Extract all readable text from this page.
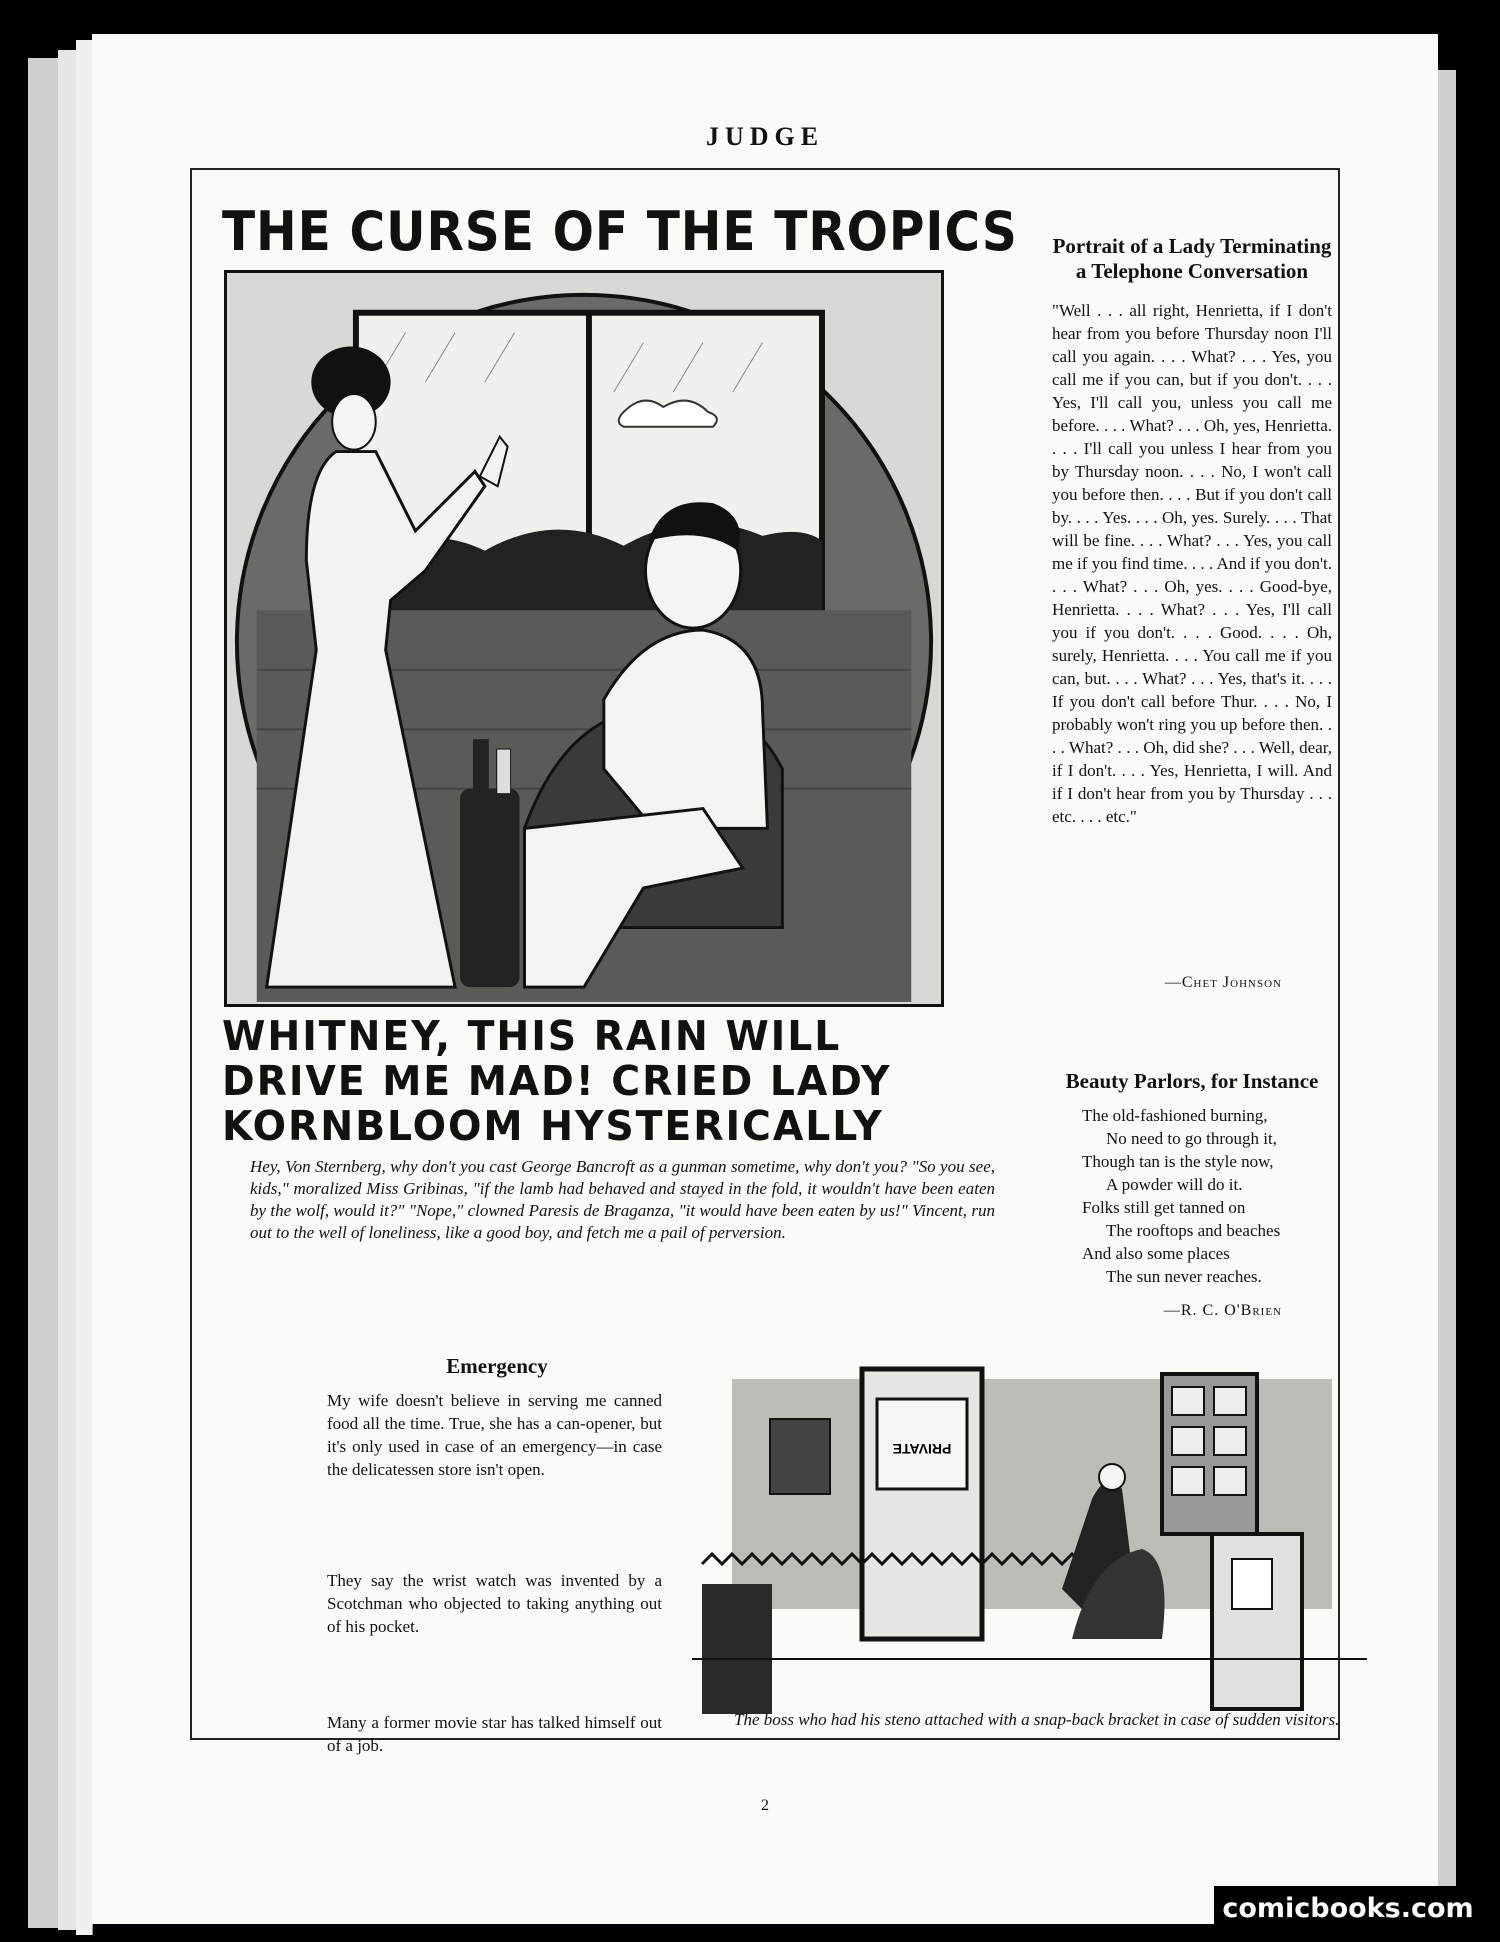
JUDGE
THE CURSE OF THE TROPICS
WHITNEY, THIS RAIN WILL
DRIVE ME MAD! CRIED LADY
KORNBLOOM HYSTERICALLY
Hey, Von Sternberg, why don't you cast George Bancroft as a gunman sometime, why don't you? "So you see, kids," moralized Miss Gribinas, "if the lamb had behaved and stayed in the fold, it wouldn't have been eaten by the wolf, would it?" "Nope," clowned Paresis de Braganza, "it would have been eaten by us!" Vincent, run out to the well of loneliness, like a good boy, and fetch me a pail of perversion.
Portrait of a Lady Terminating a Telephone Conversation
"Well . . . all right, Henrietta, if I don't hear from you before Thursday noon I'll call you again. . . . What? . . . Yes, you call me if you can, but if you don't. . . . Yes, I'll call you, unless you call me before. . . . What? . . . Oh, yes, Henrietta. . . . I'll call you unless I hear from you by Thursday noon. . . . No, I won't call you before then. . . . But if you don't call by. . . . Yes. . . . Oh, yes. Surely. . . . That will be fine. . . . What? . . . Yes, you call me if you find time. . . . And if you don't. . . . What? . . . Oh, yes. . . . Good-bye, Henrietta. . . . What? . . . Yes, I'll call you if you don't. . . . Good. . . . Oh, surely, Henrietta. . . . You call me if you can, but. . . . What? . . . Yes, that's it. . . . If you don't call before Thur. . . . No, I probably won't ring you up before then. . . . What? . . . Oh, did she? . . . Well, dear, if I don't. . . . Yes, Henrietta, I will. And if I don't hear from you by Thursday . . . etc. . . . etc."
—Chet Johnson
Beauty Parlors, for Instance
The old-fashioned burning,
No need to go through it,
Though tan is the style now,
A powder will do it.
Folks still get tanned on
The rooftops and beaches
And also some places
The sun never reaches.
—R. C. O'Brien
Emergency
My wife doesn't believe in serving me canned food all the time. True, she has a can-opener, but it's only used in case of an emergency—in case the delicatessen store isn't open.
They say the wrist watch was invented by a Scotchman who objected to taking anything out of his pocket.
Many a former movie star has talked himself out of a job.
PRIVATE
The boss who had his steno attached with a snap-back bracket in case of sudden visitors.
2
comicbooks.com
